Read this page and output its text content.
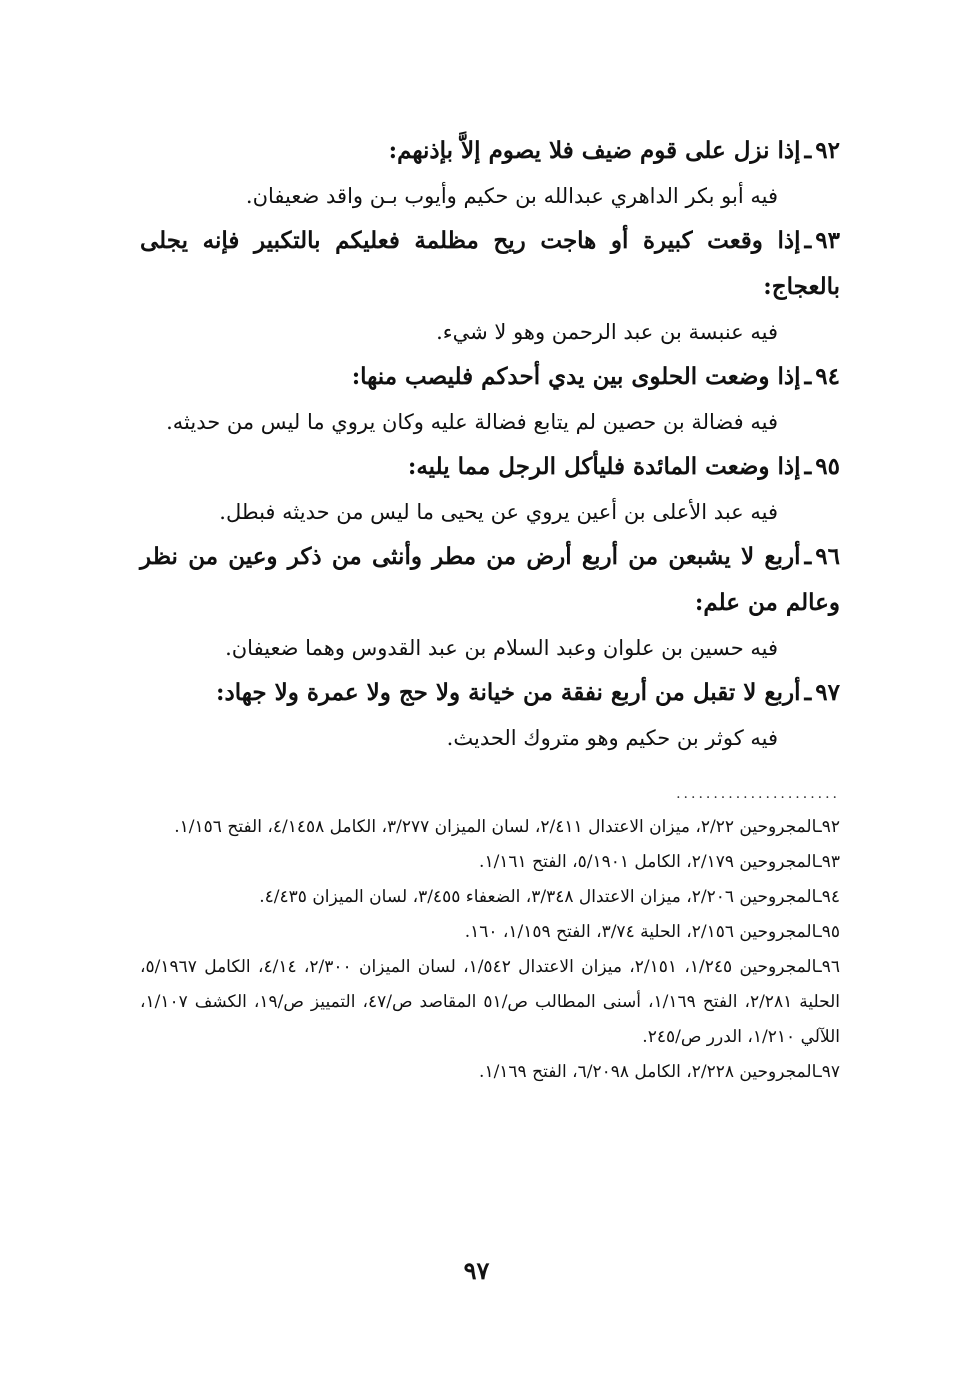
٩٢ـإذا نزل على قوم ضيف فلا يصوم إلاَّ بإذنهم:
فيه أبو بكر الداهري عبدالله بن حكيم وأيوب بـن واقد ضعيفان.
٩٣ـإذا وقعت كبيرة أو هاجت ريح مظلمة فعليكم بالتكبير فإنه يجلى بالعجاج:
فيه عنبسة بن عبد الرحمن وهو لا شيء.
٩٤ـإذا وضعت الحلوى بين يدي أحدكم فليصب منها:
فيه فضالة بن حصين لم يتابع فضالة عليه وكان يروي ما ليس من حديثه.
٩٥ـإذا وضعت المائدة فليأكل الرجل مما يليه:
فيه عبد الأعلى بن أعين يروي عن يحيى ما ليس من حديثه فبطل.
٩٦ـأربع لا يشبعن من أربع أرض من مطر وأنثى من ذكر وعين من نظر وعالم من علم:
فيه حسين بن علوان وعبد السلام بن عبد القدوس وهما ضعيفان.
٩٧ـأربع لا تقبل من أربع نفقة من خيانة ولا حج ولا عمرة ولا جهاد:
فيه كوثر بن حكيم وهو متروك الحديث.
......................
٩٢ـالمجروحين ٢/٢٢، ميزان الاعتدال ٢/٤١١، لسان الميزان ٣/٢٧٧، الكامل ٤/١٤٥٨، الفتح ١/١٥٦.
٩٣ـالمجروحين ٢/١٧٩، الكامل ٥/١٩٠١، الفتح ١/١٦١.
٩٤ـالمجروحين ٢/٢٠٦، ميزان الاعتدال ٣/٣٤٨، الضعفاء ٣/٤٥٥، لسان الميزان ٤/٤٣٥.
٩٥ـالمجروحين ٢/١٥٦، الحلية ٣/٧٤، الفتح ١/١٥٩، ١٦٠.
٩٦ـالمجروحين ١/٢٤٥، ٢/١٥١، ميزان الاعتدال ١/٥٤٢، لسان الميزان ٢/٣٠٠، ٤/١٤، الكامل ٥/١٩٦٧، الحلية ٢/٢٨١، الفتح ١/١٦٩، أسنى المطالب ص/٥١ المقاصد ص/٤٧، التمييز ص/١٩، الكشف ١/١٠٧، اللآلي ١/٢١٠، الدرر ص/٢٤٥.
٩٧ـالمجروحين ٢/٢٢٨، الكامل ٦/٢٠٩٨، الفتح ١/١٦٩.
٩٧
